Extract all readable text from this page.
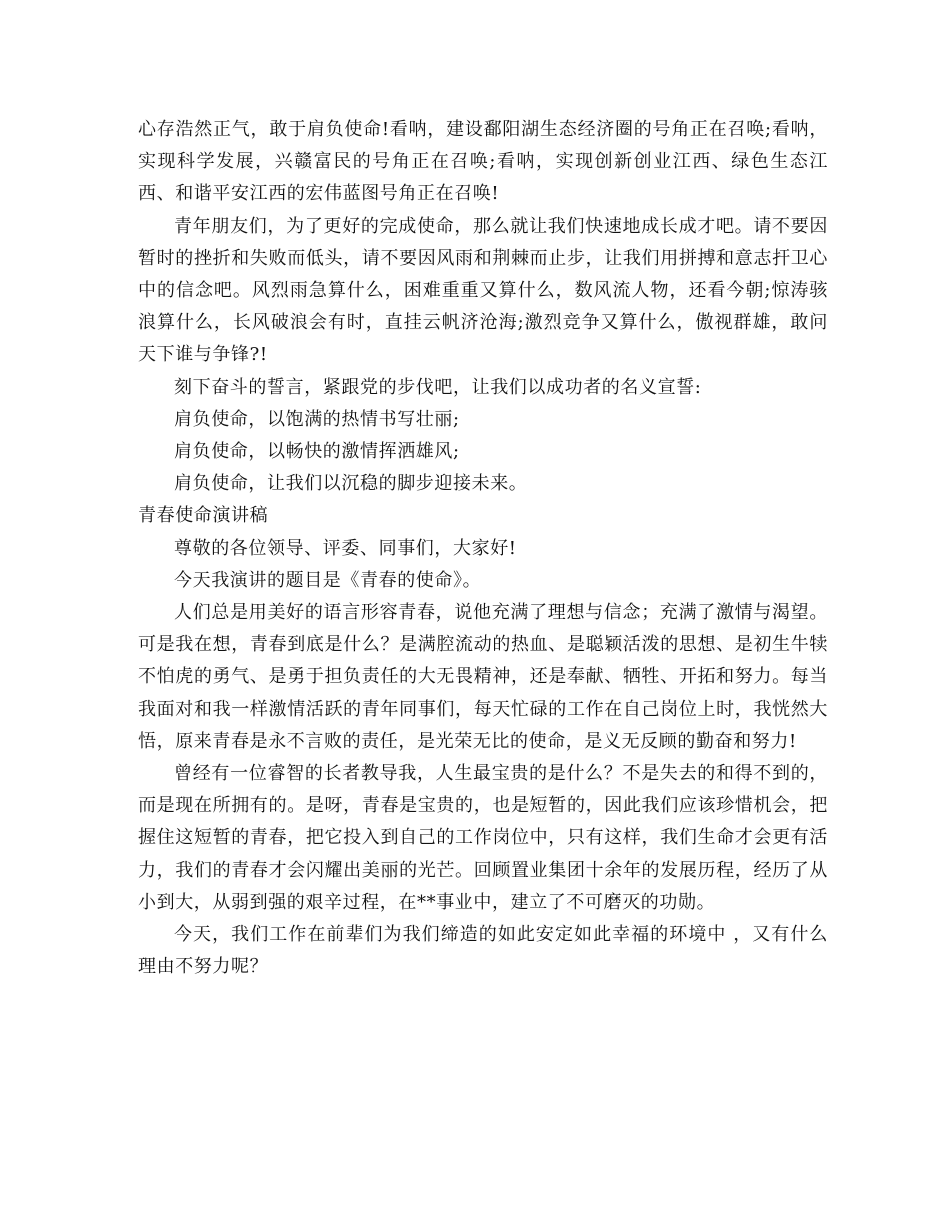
心存浩然正气，敢于肩负使命!看呐，建设鄱阳湖生态经济圈的号角正在召唤;看呐，实现科学发展，兴赣富民的号角正在召唤;看呐，实现创新创业江西、绿色生态江西、和谐平安江西的宏伟蓝图号角正在召唤!

青年朋友们，为了更好的完成使命，那么就让我们快速地成长成才吧。请不要因暂时的挫折和失败而低头，请不要因风雨和荆棘而止步，让我们用拼搏和意志扞卫心中的信念吧。风烈雨急算什么，困难重重又算什么，数风流人物，还看今朝;惊涛骇浪算什么，长风破浪会有时，直挂云帆济沧海;激烈竞争又算什么，傲视群雄，敢问天下谁与争锋?!

刻下奋斗的誓言，紧跟党的步伐吧，让我们以成功者的名义宣誓:

肩负使命，以饱满的热情书写壮丽;

肩负使命，以畅快的激情挥洒雄风;

肩负使命，让我们以沉稳的脚步迎接未来。

青春使命演讲稿

尊敬的各位领导、评委、同事们，大家好!

今天我演讲的题目是《青春的使命》。

人们总是用美好的语言形容青春，说他充满了理想与信念；充满了激情与渴望。可是我在想，青春到底是什么？是满腔流动的热血、是聪颖活泼的思想、是初生牛犊不怕虎的勇气、是勇于担负责任的大无畏精神，还是奉献、牺牲、开拓和努力。每当我面对和我一样激情活跃的青年同事们，每天忙碌的工作在自己岗位上时，我恍然大悟，原来青春是永不言败的责任，是光荣无比的使命，是义无反顾的勤奋和努力!

曾经有一位睿智的长者教导我，人生最宝贵的是什么？不是失去的和得不到的，而是现在所拥有的。是呀，青春是宝贵的，也是短暂的，因此我们应该珍惜机会，把握住这短暂的青春，把它投入到自己的工作岗位中，只有这样，我们生命才会更有活力，我们的青春才会闪耀出美丽的光芒。回顾置业集团十余年的发展历程，经历了从小到大，从弱到强的艰辛过程，在**事业中，建立了不可磨灭的功勋。

今天，我们工作在前辈们为我们缔造的如此安定如此幸福的环境中 ，又有什么理由不努力呢？
